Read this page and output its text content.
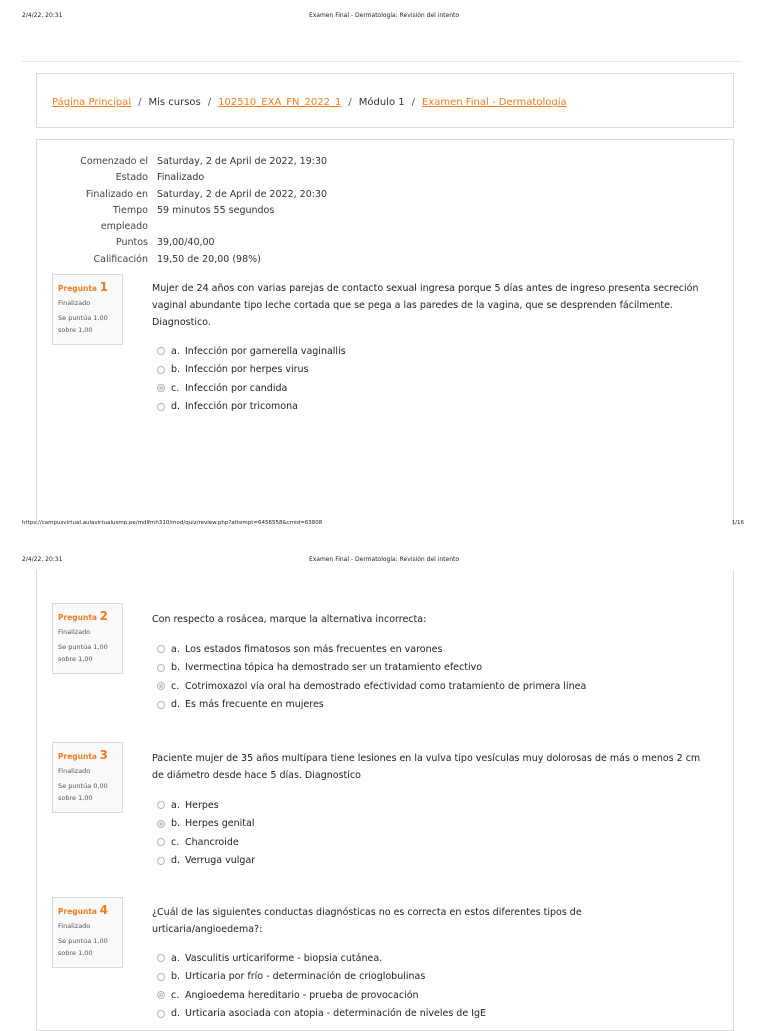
2/4/22, 20:31	Examen Final - Dermatología: Revisión del intento
Página Principal / Mis cursos / 102510_EXA_FN_2022_1 / Módulo 1 / Examen Final - Dermatología
Comenzado el Saturday, 2 de April de 2022, 19:30
Estado Finalizado
Finalizado en Saturday, 2 de April de 2022, 20:30
Tiempo empleado
59 minutos 55 segundos
Puntos 39,00/40,00
Calificación 19,50 de 20,00 (98%)
Pregunta 1
Finalizado
Se puntúa 1,00 sobre 1,00
Mujer de 24 años con varias parejas de contacto sexual ingresa porque 5 días antes de ingreso presenta secreción vaginal abundante tipo leche cortada que se pega a las paredes de la vagina, que se desprenden fácilmente. Diagnostico.
a. Infección por garnerella vaginallis
b. Infección por herpes virus
c. Infección por candida
d. Infección por tricomona
https://campusvirtual.aulavirtualusmp.pe/mdlfmh310/mod/quiz/review.php?attempt=6456558&cmid=63808	1/16
2/4/22, 20:31	Examen Final - Dermatología: Revisión del intento
Pregunta 2
Finalizado
Se puntúa 1,00 sobre 1,00
Con respecto a rosácea, marque la alternativa incorrecta:
a. Los estados fimatosos son más frecuentes en varones
b. Ivermectina tópica ha demostrado ser un tratamiento efectivo
c. Cotrimoxazol vía oral ha demostrado efectividad como tratamiento de primera línea
d. Es más frecuente en mujeres
Pregunta 3
Finalizado
Se puntúa 0,00 sobre 1,00
Paciente mujer de 35 años multípara tiene lesiones en la vulva tipo vesículas muy dolorosas de más o menos 2 cm de diámetro desde hace 5 días. Diagnostico
a. Herpes
b. Herpes genital
c. Chancroide
d. Verruga vulgar
Pregunta 4
Finalizado
Se puntúa 1,00 sobre 1,00
¿Cuál de las siguientes conductas diagnósticas no es correcta en estos diferentes tipos de urticaria/angioedema?:
a. Vasculitis urticariforme - biopsia cutánea.
b. Urticaria por frío - determinación de crioglobulinas
c. Angioedema hereditario - prueba de provocación
d. Urticaria asociada con atopia - determinación de niveles de IgE
